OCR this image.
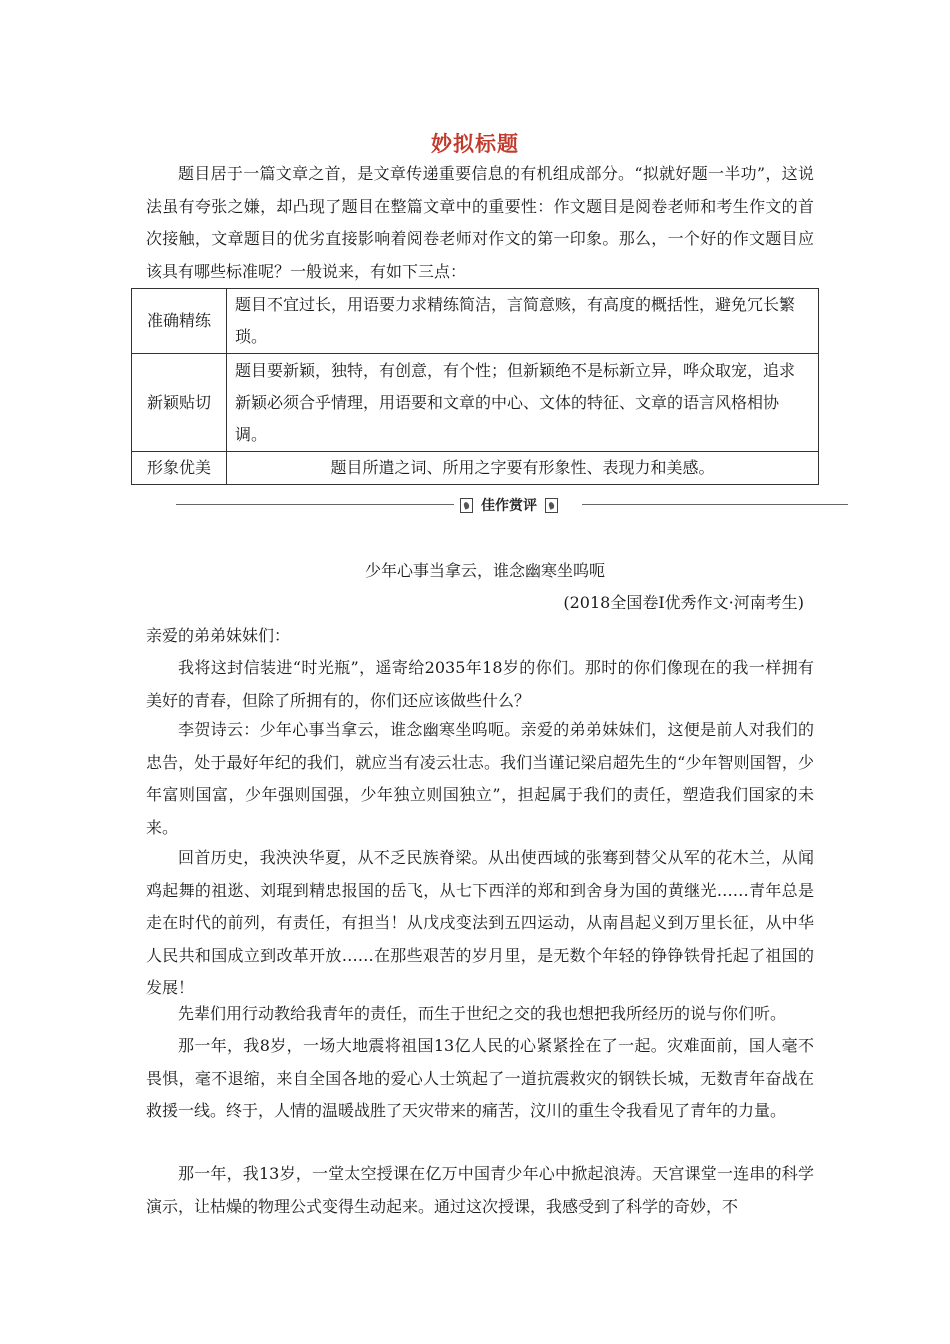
妙拟标题

题目居于一篇文章之首，是文章传递重要信息的有机组成部分。“拟就好题一半功”，这说法虽有夸张之嫌，却凸现了题目在整篇文章中的重要性：作文题目是阅卷老师和考生作文的首次接触，文章题目的优劣直接影响着阅卷老师对作文的第一印象。那么，一个好的作文题目应该具有哪些标准呢？一般说来，有如下三点：

准确精练	题目不宜过长，用语要力求精练简洁，言简意赅，有高度的概括性，避免冗长繁琐。
新颖贴切	题目要新颖，独特，有创意，有个性；但新颖绝不是标新立异，哗众取宠，追求新颖必须合乎情理，用语要和文章的中心、文体的特征、文章的语言风格相协调。
形象优美	题目所遣之词、所用之字要有形象性、表现力和美感。
佳作赏评
少年心事当拿云，谁念幽寒坐呜呃
(2018全国卷Ⅰ优秀作文·河南考生)

亲爱的弟弟妹妹们：

我将这封信装进“时光瓶”，遥寄给2035年18岁的你们。那时的你们像现在的我一样拥有美好的青春，但除了所拥有的，你们还应该做些什么？

李贺诗云：少年心事当拿云，谁念幽寒坐呜呃。亲爱的弟弟妹妹们，这便是前人对我们的忠告，处于最好年纪的我们，就应当有凌云壮志。我们当谨记梁启超先生的“少年智则国智，少年富则国富，少年强则国强，少年独立则国独立”，担起属于我们的责任，塑造我们国家的未来。

回首历史，我泱泱华夏，从不乏民族脊梁。从出使西域的张骞到替父从军的花木兰，从闻鸡起舞的祖逖、刘琨到精忠报国的岳飞，从七下西洋的郑和到舍身为国的黄继光……青年总是走在时代的前列，有责任，有担当！从戊戌变法到五四运动，从南昌起义到万里长征，从中华人民共和国成立到改革开放……在那些艰苦的岁月里，是无数个年轻的铮铮铁骨托起了祖国的发展！

先辈们用行动教给我青年的责任，而生于世纪之交的我也想把我所经历的说与你们听。

那一年，我8岁，一场大地震将祖国13亿人民的心紧紧拴在了一起。灾难面前，国人毫不畏惧，毫不退缩，来自全国各地的爱心人士筑起了一道抗震救灾的钢铁长城，无数青年奋战在救援一线。终于，人情的温暖战胜了天灾带来的痛苦，汶川的重生令我看见了青年的力量。

那一年，我13岁，一堂太空授课在亿万中国青少年心中掀起浪涛。天宫课堂一连串的科学演示，让枯燥的物理公式变得生动起来。通过这次授课，我感受到了科学的奇妙，不
